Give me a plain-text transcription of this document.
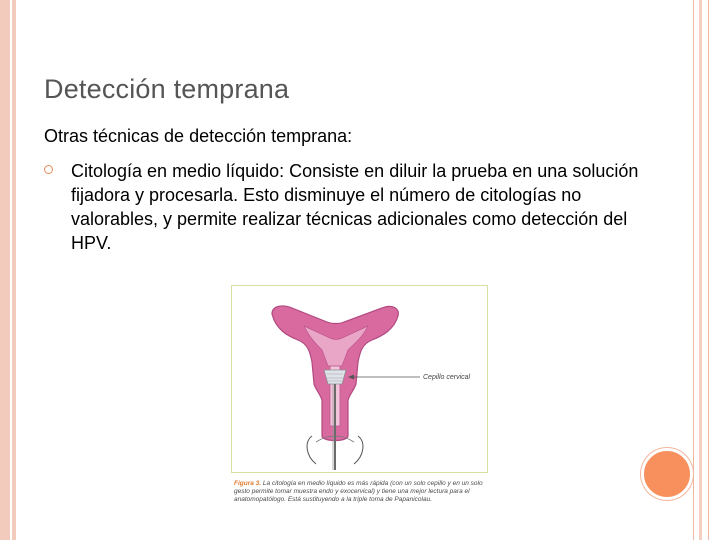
Detección temprana
Otras técnicas de detección temprana:
Citología en medio líquido: Consiste en diluir la prueba en una solución fijadora y procesarla. Esto disminuye el número de citologías no valorables, y permite realizar técnicas adicionales como detección del HPV.
Cepillo cervical
Figura 3. La citología en medio líquido es más rápida (con un solo cepillo y en un solo gesto permite tomar muestra endo y exocervical) y tiene una mejor lectura para el anatomopatólogo. Está sustituyendo a la triple toma de Papanicolau.
